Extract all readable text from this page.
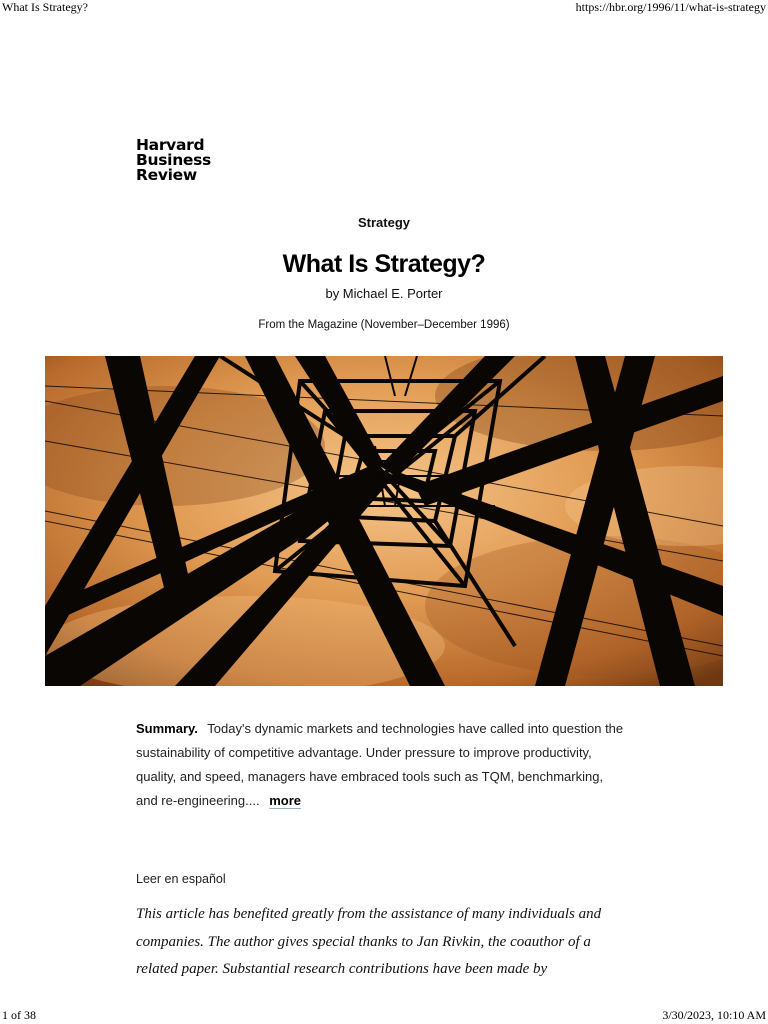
What Is Strategy?	https://hbr.org/1996/11/what-is-strategy
Harvard
Business
Review
Strategy
What Is Strategy?
by Michael E. Porter
From the Magazine (November–December 1996)
Summary. Today's dynamic markets and technologies have called into question the sustainability of competitive advantage. Under pressure to improve productivity, quality, and speed, managers have embraced tools such as TQM, benchmarking, and re-engineering.... more
Leer en español
This article has benefited greatly from the assistance of many individuals and companies. The author gives special thanks to Jan Rivkin, the coauthor of a related paper. Substantial research contributions have been made by
1 of 38	3/30/2023, 10:10 AM
